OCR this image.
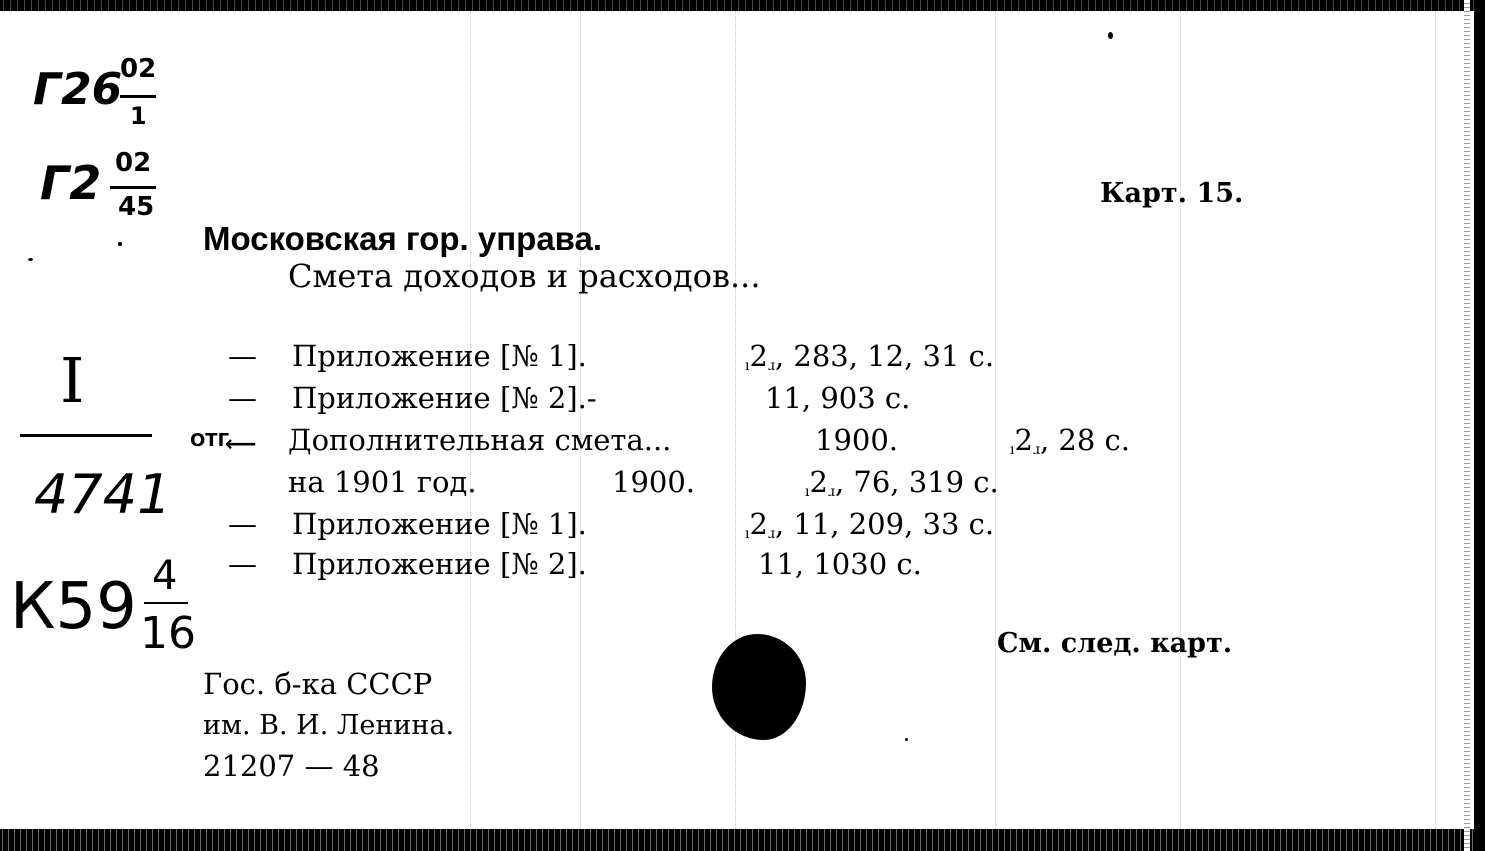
Г26
02
1
Г2 02
45
I
4741
К59 4
16
ОТГ
⟵
Карт. 15.
Московская гор. управа.
Смета доходов и расходов...
— Приложение [№ 1].	ı2ɹ, 283, 12, 31 с.
— Приложение [№ 2].-	11, 903 с.
Дополнительная смета...	1900.	ı2ɹ, 28 с.
на 1901 год.	1900.	ı2ɹ, 76, 319 с.
— Приложение [№ 1].	ı2ɹ, 11, 209, 33 с.
— Приложение [№ 2].	11, 1030 с.
См. след. карт.
Гос. б-ка СССР
им. В. И. Ленина.
21207 — 48
